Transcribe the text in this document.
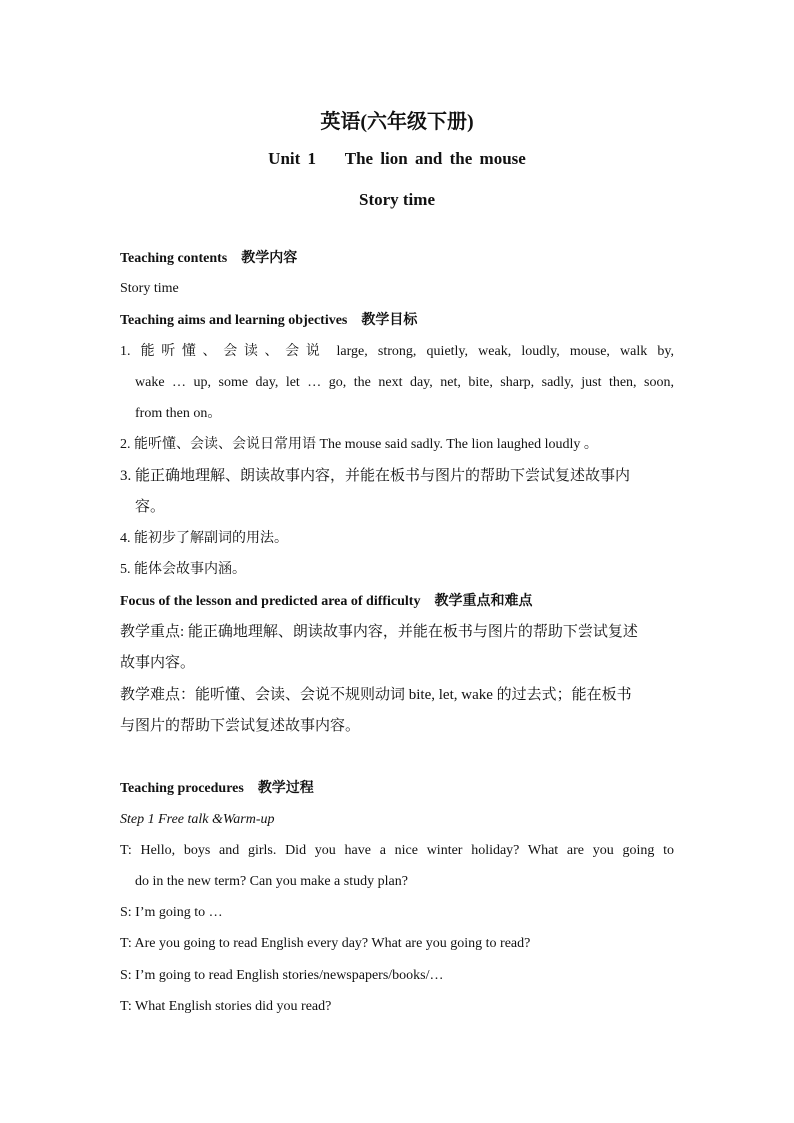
英语(六年级下册)
Unit 1    The lion and the mouse
Story time
Teaching contents 教学内容
Story time
Teaching aims and learning objectives 教学目标
1. 能听懂、会读、会说 large, strong, quietly, weak, loudly, mouse, walk by,
wake … up, some day, let … go, the next day, net, bite, sharp, sadly, just then, soon,
from then on。
2. 能听懂、会读、会说日常用语 The mouse said sadly. The lion laughed loudly 。
3. 能正确地理解、朗读故事内容，并能在板书与图片的帮助下尝试复述故事内
容。
4. 能初步了解副词的用法。
5. 能体会故事内涵。
Focus of the lesson and predicted area of difficulty 教学重点和难点
教学重点: 能正确地理解、朗读故事内容，并能在板书与图片的帮助下尝试复述
故事内容。
教学难点：能听懂、会读、会说不规则动词 bite, let, wake 的过去式；能在板书
与图片的帮助下尝试复述故事内容。
Teaching procedures 教学过程
Step 1 Free talk &Warm-up
T: Hello, boys and girls. Did you have a nice winter holiday? What are you going to
do in the new term? Can you make a study plan?
S: I’m going to …
T: Are you going to read English every day? What are you going to read?
S: I’m going to read English stories/newspapers/books/…
T: What English stories did you read?
